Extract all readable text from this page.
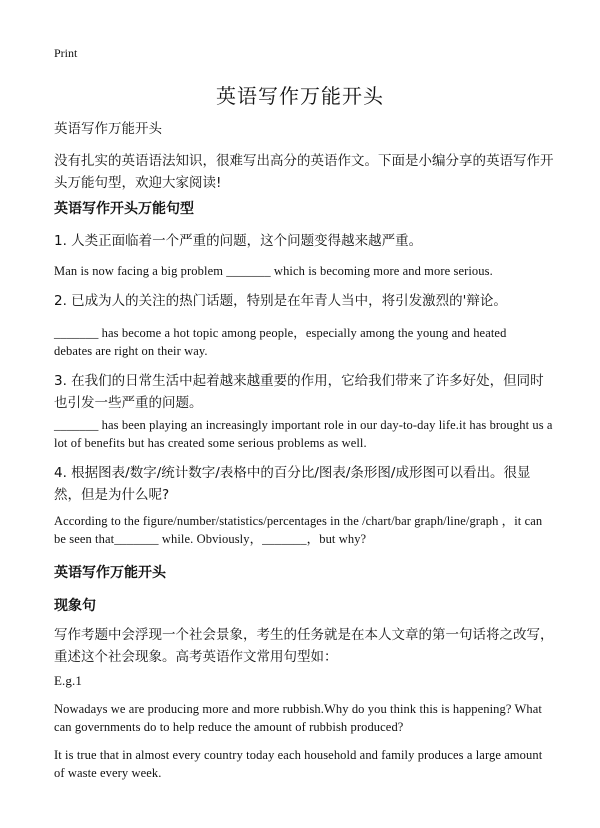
Print
英语写作万能开头

英语写作万能开头

没有扎实的英语语法知识，很难写出高分的英语作文。下面是小编分享的英语写作开头万能句型，欢迎大家阅读!

英语写作开头万能句型

1. 人类正面临着一个严重的问题，这个问题变得越来越严重。

Man is now facing a big problem _______ which is becoming more and more serious.

2. 已成为人的关注的热门话题，特别是在年青人当中，将引发激烈的'辩论。

_______ has become a hot topic among people，especially among the young and heated debates are right on their way.

3. 在我们的日常生活中起着越来越重要的作用，它给我们带来了许多好处，但同时也引发一些严重的问题。

_______ has been playing an increasingly important role in our day-to-day life.it has brought us a lot of benefits but has created some serious problems as well.

4. 根据图表/数字/统计数字/表格中的百分比/图表/条形图/成形图可以看出。很显然，但是为什么呢?

According to the figure/number/statistics/percentages in the /chart/bar graph/line/graph ，it can be seen that_______ while. Obviously，_______，but why?

英语写作万能开头

现象句

写作考题中会浮现一个社会景象，考生的任务就是在本人文章的第一句话将之改写，重述这个社会现象。高考英语作文常用句型如：

E.g.1

Nowadays we are producing more and more rubbish.Why do you think this is happening? What can governments do to help reduce the amount of rubbish produced?

It is true that in almost every country today each household and family produces a large amount of waste every week.
